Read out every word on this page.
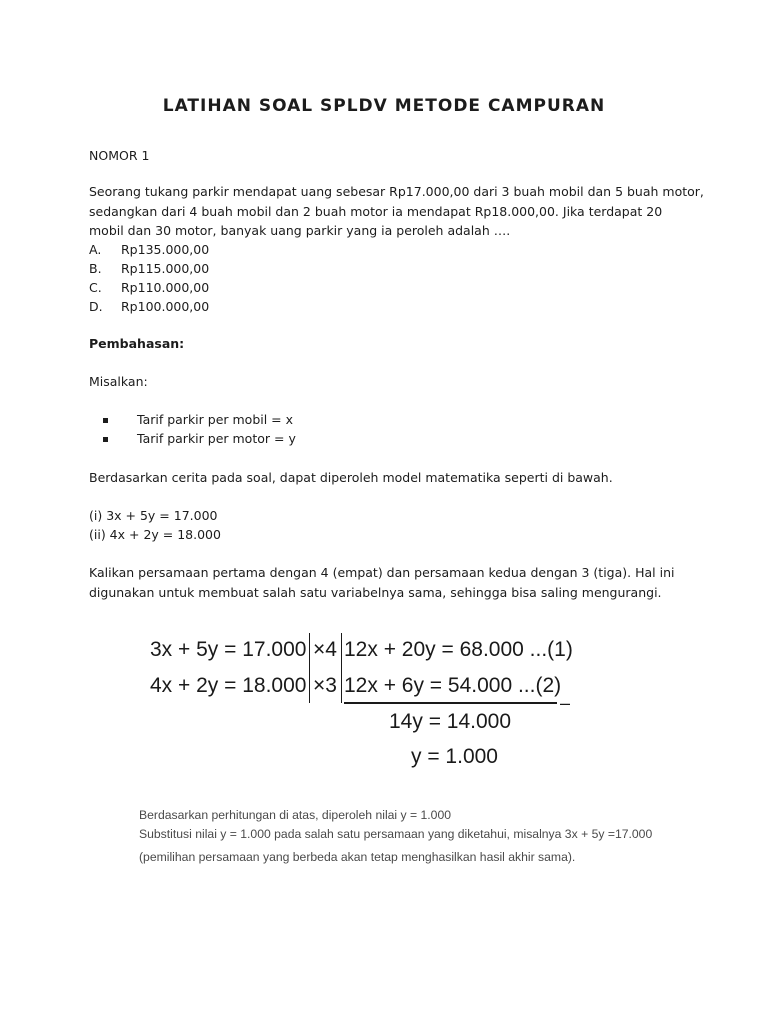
LATIHAN SOAL SPLDV METODE CAMPURAN
NOMOR 1
Seorang tukang parkir mendapat uang sebesar Rp17.000,00 dari 3 buah mobil dan 5 buah motor,
sedangkan dari 4 buah mobil dan 2 buah motor ia mendapat Rp18.000,00. Jika terdapat 20
mobil dan 30 motor, banyak uang parkir yang ia peroleh adalah ….
A. Rp135.000,00
B. Rp115.000,00
C. Rp110.000,00
D. Rp100.000,00
Pembahasan:
Misalkan:
Tarif parkir per mobil = x
Tarif parkir per motor = y
Berdasarkan cerita pada soal, dapat diperoleh model matematika seperti di bawah.
(i) 3x + 5y = 17.000
(ii) 4x + 2y = 18.000
Kalikan persamaan pertama dengan 4 (empat) dan persamaan kedua dengan 3 (tiga). Hal ini
digunakan untuk membuat salah satu variabelnya sama, sehingga bisa saling mengurangi.
3x + 5y = 17.000 ×4 12x + 20y = 68.000 ...(1)
4x + 2y = 18.000 ×3 12x + 6y = 54.000 ...(2)
–
14y = 14.000
y = 1.000
Berdasarkan perhitungan di atas, diperoleh nilai y = 1.000
Substitusi nilai y = 1.000 pada salah satu persamaan yang diketahui, misalnya 3x + 5y =17.000
(pemilihan persamaan yang berbeda akan tetap menghasilkan hasil akhir sama).
